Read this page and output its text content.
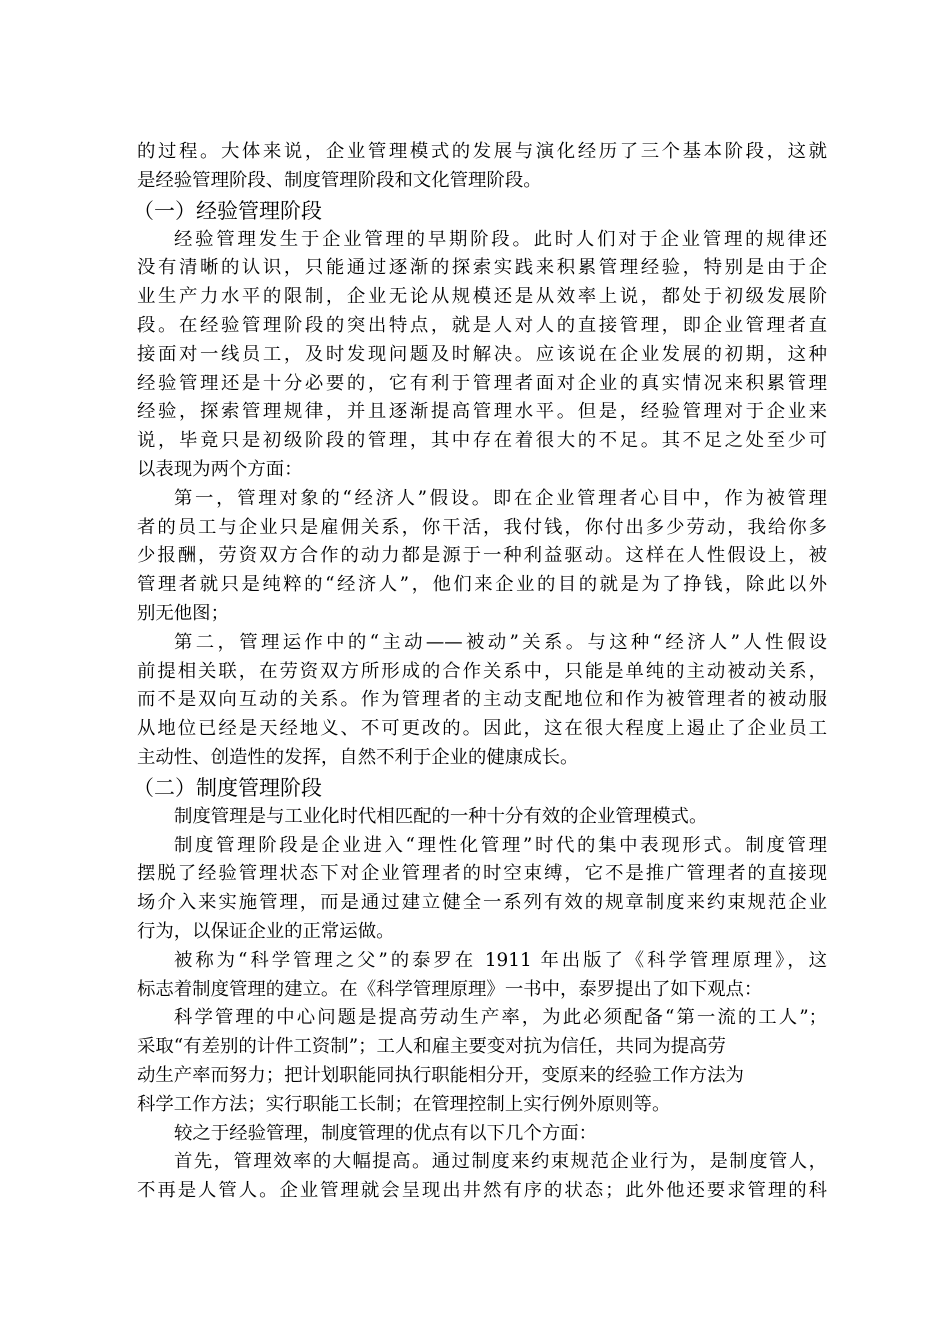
的过程。大体来说，企业管理模式的发展与演化经历了三个基本阶段，这就
是经验管理阶段、制度管理阶段和文化管理阶段。
（一）经验管理阶段
经验管理发生于企业管理的早期阶段。此时人们对于企业管理的规律还
没有清晰的认识，只能通过逐渐的探索实践来积累管理经验，特别是由于企
业生产力水平的限制，企业无论从规模还是从效率上说，都处于初级发展阶
段。在经验管理阶段的突出特点，就是人对人的直接管理，即企业管理者直
接面对一线员工，及时发现问题及时解决。应该说在企业发展的初期，这种
经验管理还是十分必要的，它有利于管理者面对企业的真实情况来积累管理
经验，探索管理规律，并且逐渐提高管理水平。但是，经验管理对于企业来
说，毕竟只是初级阶段的管理，其中存在着很大的不足。其不足之处至少可
以表现为两个方面：
第一，管理对象的“经济人”假设。即在企业管理者心目中，作为被管理
者的员工与企业只是雇佣关系，你干活，我付钱，你付出多少劳动，我给你多
少报酬，劳资双方合作的动力都是源于一种利益驱动。这样在人性假设上，被
管理者就只是纯粹的“经济人”，他们来企业的目的就是为了挣钱，除此以外
别无他图；
第二，管理运作中的“主动——被动”关系。与这种“经济人”人性假设
前提相关联，在劳资双方所形成的合作关系中，只能是单纯的主动被动关系，
而不是双向互动的关系。作为管理者的主动支配地位和作为被管理者的被动服
从地位已经是天经地义、不可更改的。因此，这在很大程度上遏止了企业员工
主动性、创造性的发挥，自然不利于企业的健康成长。
（二）制度管理阶段
制度管理是与工业化时代相匹配的一种十分有效的企业管理模式。
制度管理阶段是企业进入“理性化管理”时代的集中表现形式。制度管理
摆脱了经验管理状态下对企业管理者的时空束缚，它不是推广管理者的直接现
场介入来实施管理，而是通过建立健全一系列有效的规章制度来约束规范企业
行为，以保证企业的正常运做。
被称为“科学管理之父”的泰罗在 1911 年出版了《科学管理原理》，这
标志着制度管理的建立。在《科学管理原理》一书中，泰罗提出了如下观点：
科学管理的中心问题是提高劳动生产率，为此必须配备“第一流的工人”；
采取“有差别的计件工资制”；工人和雇主要变对抗为信任，共同为提高劳
动生产率而努力；把计划职能同执行职能相分开，变原来的经验工作方法为
科学工作方法；实行职能工长制；在管理控制上实行例外原则等。
较之于经验管理，制度管理的优点有以下几个方面：
首先，管理效率的大幅提高。通过制度来约束规范企业行为，是制度管人，
不再是人管人。企业管理就会呈现出井然有序的状态；此外他还要求管理的科
